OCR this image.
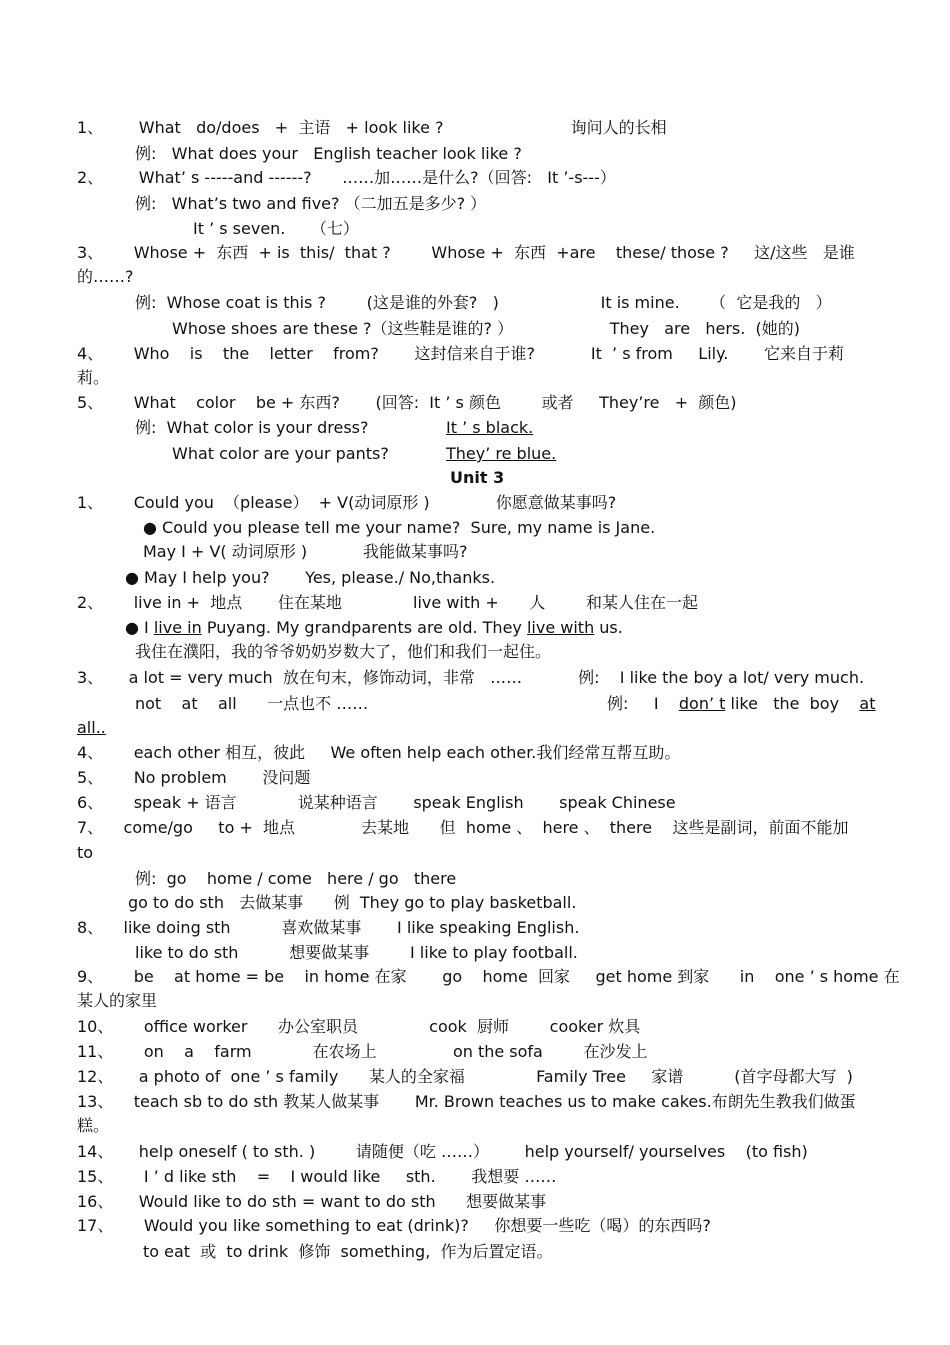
1、       What   do/does   +  主语   + look like ?                         询问人的长相
例:   What does your   English teacher look like ?
2、       What’ s -----and ------?      ……加……是什么?（回答:   It ’-s---）
例:   What’s two and five? （二加五是多少? ）
It ’ s seven.     （七）
3、      Whose +  东西  + is  this/  that ?        Whose +  东西  +are    these/ those ?     这/这些   是谁
的……?
例:  Whose coat is this ?        (这是谁的外套?   )                    It is mine.      （  它是我的   ）
Whose shoes are these ?（这些鞋是谁的? ）                   They   are   hers.  (她的)
4、      Who    is    the    letter    from?       这封信来自于谁?           It  ’ s from     Lily.       它来自于莉
莉。
5、      What    color    be + 东西?       (回答:  It ’ s 颜色        或者     They’re   +  颜色)
例:  What color is your dress?	It ’ s black.
What color are your pants?	They’ re blue.
Unit 3
1、      Could you  （please）  + V(动词原形 )             你愿意做某事吗?
● Could you please tell me your name?  Sure, my name is Jane.
May I + V( 动词原形 )           我能做某事吗?
● May I help you?       Yes, please./ No,thanks.
2、      live in +  地点       住在某地              live with +      人        和某人住在一起
● I live in Puyang. My grandparents are old. They live with us.
我住在濮阳，我的爷爷奶奶岁数大了，他们和我们一起住。
3、     a lot = very much  放在句末，修饰动词，非常   ……           例:    I like the boy a lot/ very much.
not    at    all      一点也不 ……	例:     I    don’ t like   the  boy    at
all..
4、      each other 相互，彼此     We often help each other.我们经常互帮互助。
5、      No problem       没问题
6、      speak + 语言            说某种语言       speak English       speak Chinese
7、    come/go     to +  地点             去某地      但  home 、  here 、  there    这些是副词，前面不能加
to
例:  go    home / come   here / go   there
go to do sth   去做某事      例  They go to play basketball.
8、    like doing sth          喜欢做某事       I like speaking English.
like to do sth          想要做某事        I like to play football.
9、      be    at home = be    in home 在家       go    home  回家     get home 到家      in    one ’ s home 在
某人的家里
10、      office worker      办公室职员              cook  厨师        cooker 炊具
11、      on    a    farm            在农场上               on the sofa        在沙发上
12、     a photo of  one ’ s family      某人的全家福              Family Tree     家谱          (首字母都大写  )
13、    teach sb to do sth 教某人做某事       Mr. Brown teaches us to make cakes.布朗先生教我们做蛋
糕。
14、     help oneself ( to sth. )        请随便（吃 ……）       help yourself/ yourselves    (to fish)
15、      I ’ d like sth    =    I would like     sth.       我想要 ……
16、     Would like to do sth = want to do sth      想要做某事
17、      Would you like something to eat (drink)?     你想要一些吃（喝）的东西吗?
to eat  或  to drink  修饰  something,  作为后置定语。
